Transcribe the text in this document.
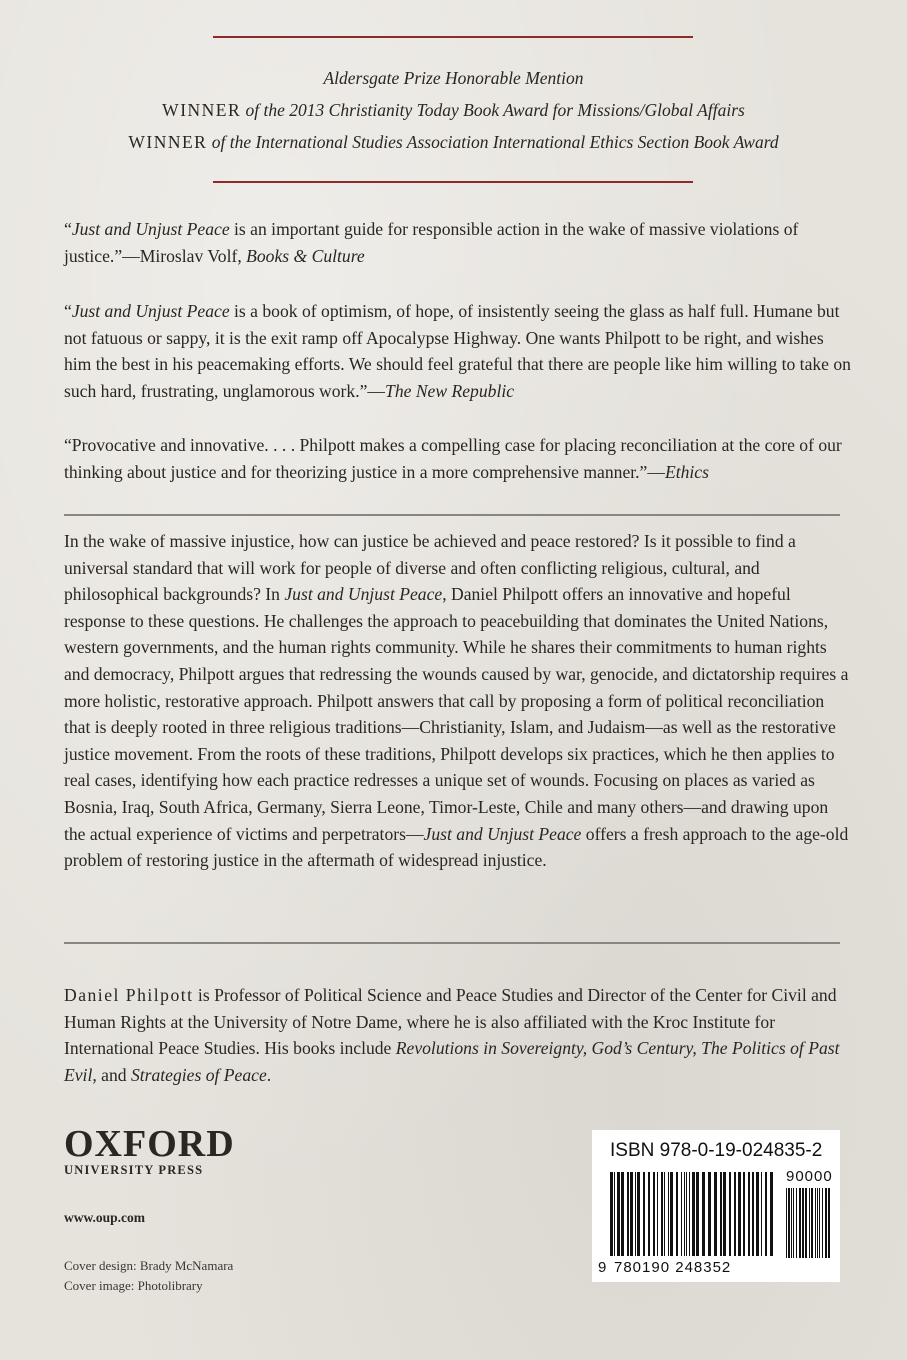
Aldersgate Prize Honorable Mention
WINNER of the 2013 Christianity Today Book Award for Missions/Global Affairs
WINNER of the International Studies Association International Ethics Section Book Award
“Just and Unjust Peace is an important guide for responsible action in the wake of massive violations of justice.”—Miroslav Volf, Books & Culture
“Just and Unjust Peace is a book of optimism, of hope, of insistently seeing the glass as half full. Humane but not fatuous or sappy, it is the exit ramp off Apocalypse Highway. One wants Philpott to be right, and wishes him the best in his peacemaking efforts. We should feel grateful that there are people like him willing to take on such hard, frustrating, unglamorous work.”—The New Republic
“Provocative and innovative. . . . Philpott makes a compelling case for placing reconciliation at the core of our thinking about justice and for theorizing justice in a more comprehensive manner.”—Ethics
In the wake of massive injustice, how can justice be achieved and peace restored? Is it possible to find a universal standard that will work for people of diverse and often conflicting religious, cultural, and philosophical backgrounds? In Just and Unjust Peace, Daniel Philpott offers an innovative and hopeful response to these questions. He challenges the approach to peacebuilding that dominates the United Nations, western governments, and the human rights community. While he shares their commitments to human rights and democracy, Philpott argues that redressing the wounds caused by war, genocide, and dictatorship requires a more holistic, restorative approach. Philpott answers that call by proposing a form of political reconciliation that is deeply rooted in three religious traditions—Christianity, Islam, and Judaism—as well as the restorative justice movement. From the roots of these traditions, Philpott develops six practices, which he then applies to real cases, identifying how each practice redresses a unique set of wounds. Focusing on places as varied as Bosnia, Iraq, South Africa, Germany, Sierra Leone, Timor-Leste, Chile and many others—and drawing upon the actual experience of victims and perpetrators—Just and Unjust Peace offers a fresh approach to the age-old problem of restoring justice in the aftermath of widespread injustice.
Daniel Philpott is Professor of Political Science and Peace Studies and Director of the Center for Civil and Human Rights at the University of Notre Dame, where he is also affiliated with the Kroc Institute for International Peace Studies. His books include Revolutions in Sovereignty, God’s Century, The Politics of Past Evil, and Strategies of Peace.
OXFORD
UNIVERSITY PRESS
www.oup.com
Cover design: Brady McNamara
Cover image: Photolibrary
ISBN 978-0-19-024835-2
90000
9 780190 248352
